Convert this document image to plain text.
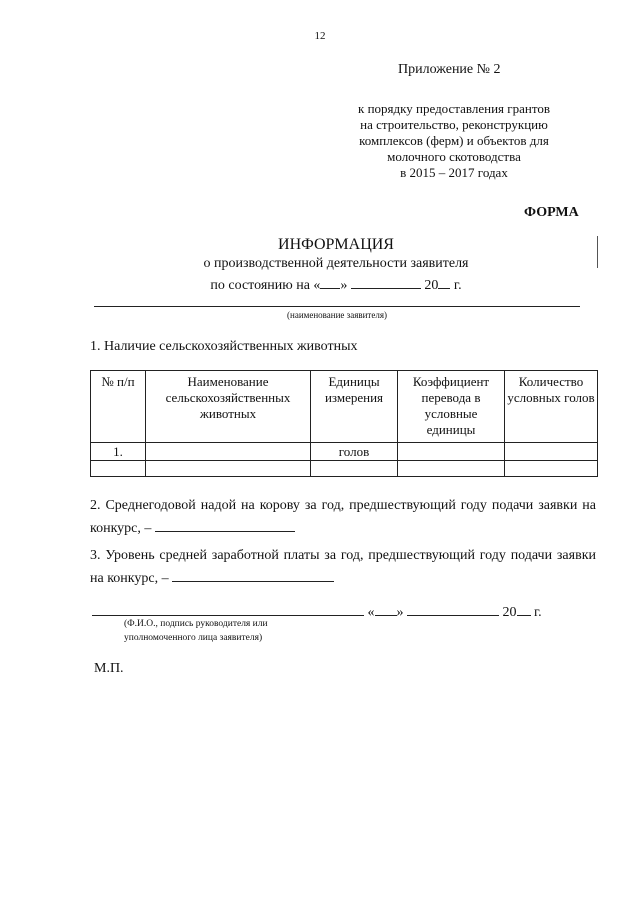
12
Приложение № 2
к порядку предоставления грантов
на строительство, реконструкцию
комплексов (ферм) и объектов для
молочного скотоводства
в 2015 – 2017 годах
ФОРМА
ИНФОРМАЦИЯ
о производственной деятельности заявителя
по состоянию на « »	20 г.
(наименование заявителя)
1. Наличие сельскохозяйственных животных
№ п/п	Наименование сельскохозяйственных животных	Единицы измерения	Коэффициент перевода в условные единицы	Количество условных голов
1.		голов		

2. Среднегодовой надой на корову за год, предшествующий году подачи заявки на конкурс, –
3. Уровень средней заработной платы за год, предшествующий году подачи заявки на конкурс, –
« »	20 г.
(Ф.И.О., подпись руководителя или
уполномоченного лица заявителя)
М.П.
